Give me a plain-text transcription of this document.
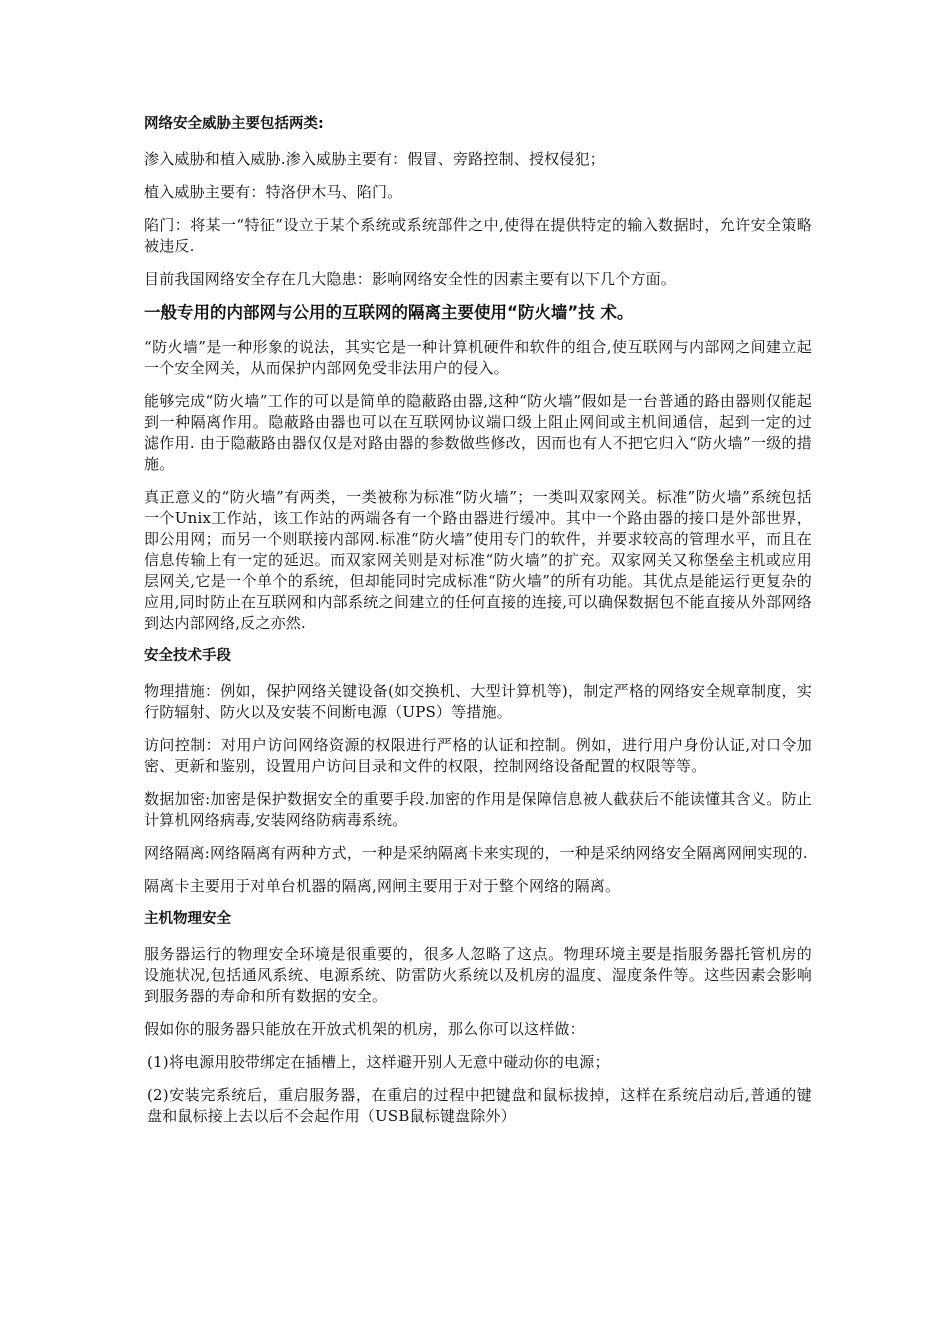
网络安全威胁主要包括两类:

渗入威胁和植入威胁.渗入威胁主要有：假冒、旁路控制、授权侵犯；

植入威胁主要有：特洛伊木马、陷门。

陷门：将某一“特征”设立于某个系统或系统部件之中,使得在提供特定的输入数据时，允许安全策略被违反.

目前我国网络安全存在几大隐患：影响网络安全性的因素主要有以下几个方面。

一般专用的内部网与公用的互联网的隔离主要使用“防火墙”技 术。

“防火墙”是一种形象的说法，其实它是一种计算机硬件和软件的组合,使互联网与内部网之间建立起 一个安全网关，从而保护内部网免受非法用户的侵入。

能够完成“防火墙”工作的可以是简单的隐蔽路由器,这种“防火墙”假如是一台普通的路由器则仅能起到一种隔离作用。隐蔽路由器也可以在互联网协议端口级上阻止网间或主机间通信，起到一定的过滤作用. 由于隐蔽路由器仅仅是对路由器的参数做些修改，因而也有人不把它归入“防火墙”一级的措施。

真正意义的“防火墙”有两类，一类被称为标准“防火墙”；一类叫双家网关。标准”防火墙”系统包括一个Unix工作站，该工作站的两端各有一个路由器进行缓冲。其中一个路由器的接口是外部世界，即公用网；而另一个则联接内部网.标准“防火墙”使用专门的软件，并要求较高的管理水平，而且在信息传输上有一定的延迟。而双家网关则是对标准“防火墙”的扩充。双家网关又称堡垒主机或应用层网关,它是一个单个的系统，但却能同时完成标准“防火墙”的所有功能。其优点是能运行更复杂的应用,同时防止在互联网和内部系统之间建立的任何直接的连接,可以确保数据包不能直接从外部网络到达内部网络,反之亦然.

安全技术手段

物理措施：例如，保护网络关键设备(如交换机、大型计算机等)，制定严格的网络安全规章制度，实行防辐射、防火以及安装不间断电源（UPS）等措施。

访问控制：对用户访问网络资源的权限进行严格的认证和控制。例如，进行用户身份认证,对口令加密、更新和鉴别，设置用户访问目录和文件的权限，控制网络设备配置的权限等等。

数据加密:加密是保护数据安全的重要手段.加密的作用是保障信息被人截获后不能读懂其含义。防止计算机网络病毒,安装网络防病毒系统。

网络隔离:网络隔离有两种方式，一种是采纳隔离卡来实现的，一种是采纳网络安全隔离网闸实现的.

隔离卡主要用于对单台机器的隔离,网闸主要用于对于整个网络的隔离。

主机物理安全

服务器运行的物理安全环境是很重要的，很多人忽略了这点。物理环境主要是指服务器托管机房的设施状况,包括通风系统、电源系统、防雷防火系统以及机房的温度、湿度条件等。这些因素会影响到服务器的寿命和所有数据的安全。

假如你的服务器只能放在开放式机架的机房，那么你可以这样做：

(1)将电源用胶带绑定在插槽上，这样避开别人无意中碰动你的电源；

(2)安装完系统后，重启服务器，在重启的过程中把键盘和鼠标拔掉，这样在系统启动后,普通的键盘和鼠标接上去以后不会起作用（USB鼠标键盘除外）
